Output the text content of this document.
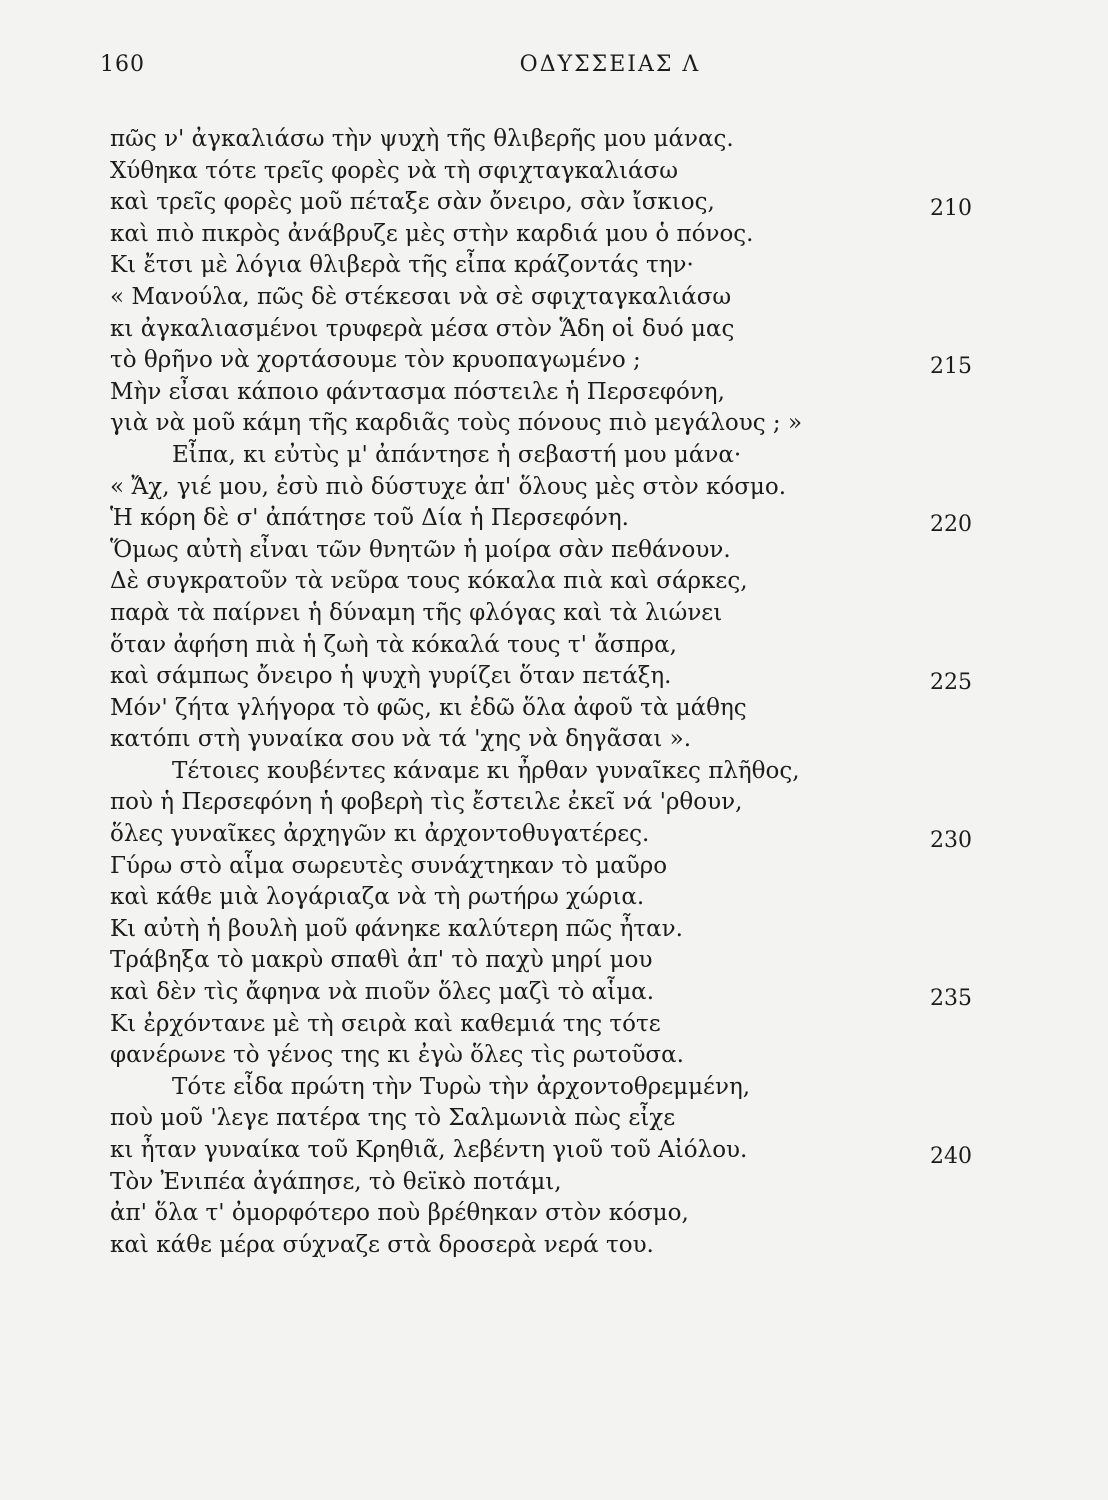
160	ΟΔΥΣΣΕΙΑΣ Λ
πῶς ν' ἀγκαλιάσω τὴν ψυχὴ τῆς θλιβερῆς μου μάνας.
Χύθηκα τότε τρεῖς φορὲς νὰ τὴ σφιχταγκαλιάσω
καὶ τρεῖς φορὲς μοῦ πέταξε σὰν ὄνειρο, σὰν ἴσκιος,	210
καὶ πιὸ πικρὸς ἀνάβρυζε μὲς στὴν καρδιά μου ὁ πόνος.
Κι ἔτσι μὲ λόγια θλιβερὰ τῆς εἶπα κράζοντάς την·
« Μανούλα, πῶς δὲ στέκεσαι νὰ σὲ σφιχταγκαλιάσω
κι ἀγκαλιασμένοι τρυφερὰ μέσα στὸν Ἅδη οἱ δυό μας
τὸ θρῆνο νὰ χορτάσουμε τὸν κρυοπαγωμένο ;	215
Μὴν εἶσαι κάποιο φάντασμα πόστειλε ἡ Περσεφόνη,
γιὰ νὰ μοῦ κάμη τῆς καρδιᾶς τοὺς πόνους πιὸ μεγάλους ; »
Εἶπα, κι εὐτὺς μ' ἀπάντησε ἡ σεβαστή μου μάνα·
« Ἄχ, γιέ μου, ἐσὺ πιὸ δύστυχε ἀπ' ὅλους μὲς στὸν κόσμο.
Ἡ κόρη δὲ σ' ἀπάτησε τοῦ Δία ἡ Περσεφόνη.	220
Ὅμως αὐτὴ εἶναι τῶν θνητῶν ἡ μοίρα σὰν πεθάνουν.
Δὲ συγκρατοῦν τὰ νεῦρα τους κόκαλα πιὰ καὶ σάρκες,
παρὰ τὰ παίρνει ἡ δύναμη τῆς φλόγας καὶ τὰ λιώνει
ὅταν ἀφήση πιὰ ἡ ζωὴ τὰ κόκαλά τους τ' ἄσπρα,
καὶ σάμπως ὄνειρο ἡ ψυχὴ γυρίζει ὅταν πετάξη.	225
Μόν' ζήτα γλήγορα τὸ φῶς, κι ἐδῶ ὅλα ἀφοῦ τὰ μάθης
κατόπι στὴ γυναίκα σου νὰ τά 'χης νὰ δηγᾶσαι ».
Τέτοιες κουβέντες κάναμε κι ἦρθαν γυναῖκες πλῆθος,
ποὺ ἡ Περσεφόνη ἡ φοβερὴ τὶς ἔστειλε ἐκεῖ νά 'ρθουν,
ὅλες γυναῖκες ἀρχηγῶν κι ἀρχοντοθυγατέρες.	230
Γύρω στὸ αἷμα σωρευτὲς συνάχτηκαν τὸ μαῦρο
καὶ κάθε μιὰ λογάριαζα νὰ τὴ ρωτήρω χώρια.
Κι αὐτὴ ἡ βουλὴ μοῦ φάνηκε καλύτερη πῶς ἦταν.
Τράβηξα τὸ μακρὺ σπαθὶ ἀπ' τὸ παχὺ μηρί μου
καὶ δὲν τὶς ἄφηνα νὰ πιοῦν ὅλες μαζὶ τὸ αἷμα.	235
Κι ἐρχόντανε μὲ τὴ σειρὰ καὶ καθεμιά της τότε
φανέρωνε τὸ γένος της κι ἐγὼ ὅλες τὶς ρωτοῦσα.
Τότε εἶδα πρώτη τὴν Τυρὼ τὴν ἀρχοντοθρεμμένη,
ποὺ μοῦ 'λεγε πατέρα της τὸ Σαλμωνιὰ πὼς εἶχε
κι ἦταν γυναίκα τοῦ Κρηθιᾶ, λεβέντη γιοῦ τοῦ Αἰόλου.	240
Τὸν Ἐνιπέα ἀγάπησε, τὸ θεϊκὸ ποτάμι,
ἀπ' ὅλα τ' ὀμορφότερο ποὺ βρέθηκαν στὸν κόσμο,
καὶ κάθε μέρα σύχναζε στὰ δροσερὰ νερά του.
